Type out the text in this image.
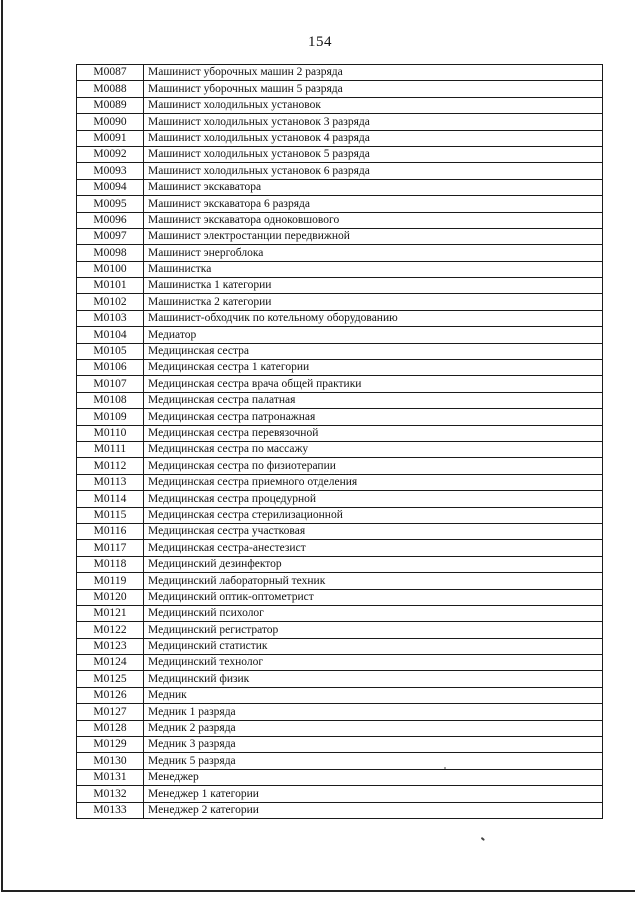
154
М0087	Машинист уборочных машин 2 разряда
М0088	Машинист уборочных машин 5 разряда
М0089	Машинист холодильных установок
М0090	Машинист холодильных установок 3 разряда
М0091	Машинист холодильных установок 4 разряда
М0092	Машинист холодильных установок 5 разряда
М0093	Машинист холодильных установок 6 разряда
М0094	Машинист экскаватора
М0095	Машинист экскаватора 6 разряда
М0096	Машинист экскаватора одноковшового
М0097	Машинист электростанции передвижной
М0098	Машинист энергоблока
М0100	Машинистка
М0101	Машинистка 1 категории
М0102	Машинистка 2 категории
М0103	Машинист-обходчик по котельному оборудованию
М0104	Медиатор
М0105	Медицинская сестра
М0106	Медицинская сестра 1 категории
М0107	Медицинская сестра врача общей практики
М0108	Медицинская сестра палатная
М0109	Медицинская сестра патронажная
М0110	Медицинская сестра перевязочной
М0111	Медицинская сестра по массажу
М0112	Медицинская сестра по физиотерапии
М0113	Медицинская сестра приемного отделения
М0114	Медицинская сестра процедурной
М0115	Медицинская сестра стерилизационной
М0116	Медицинская сестра участковая
М0117	Медицинская сестра-анестезист
М0118	Медицинский дезинфектор
М0119	Медицинский лабораторный техник
М0120	Медицинский оптик-оптометрист
М0121	Медицинский психолог
М0122	Медицинский регистратор
М0123	Медицинский статистик
М0124	Медицинский технолог
М0125	Медицинский физик
М0126	Медник
М0127	Медник 1 разряда
М0128	Медник 2 разряда
М0129	Медник 3 разряда
М0130	Медник 5 разряда
М0131	Менеджер
М0132	Менеджер 1 категории
М0133	Менеджер 2 категории
